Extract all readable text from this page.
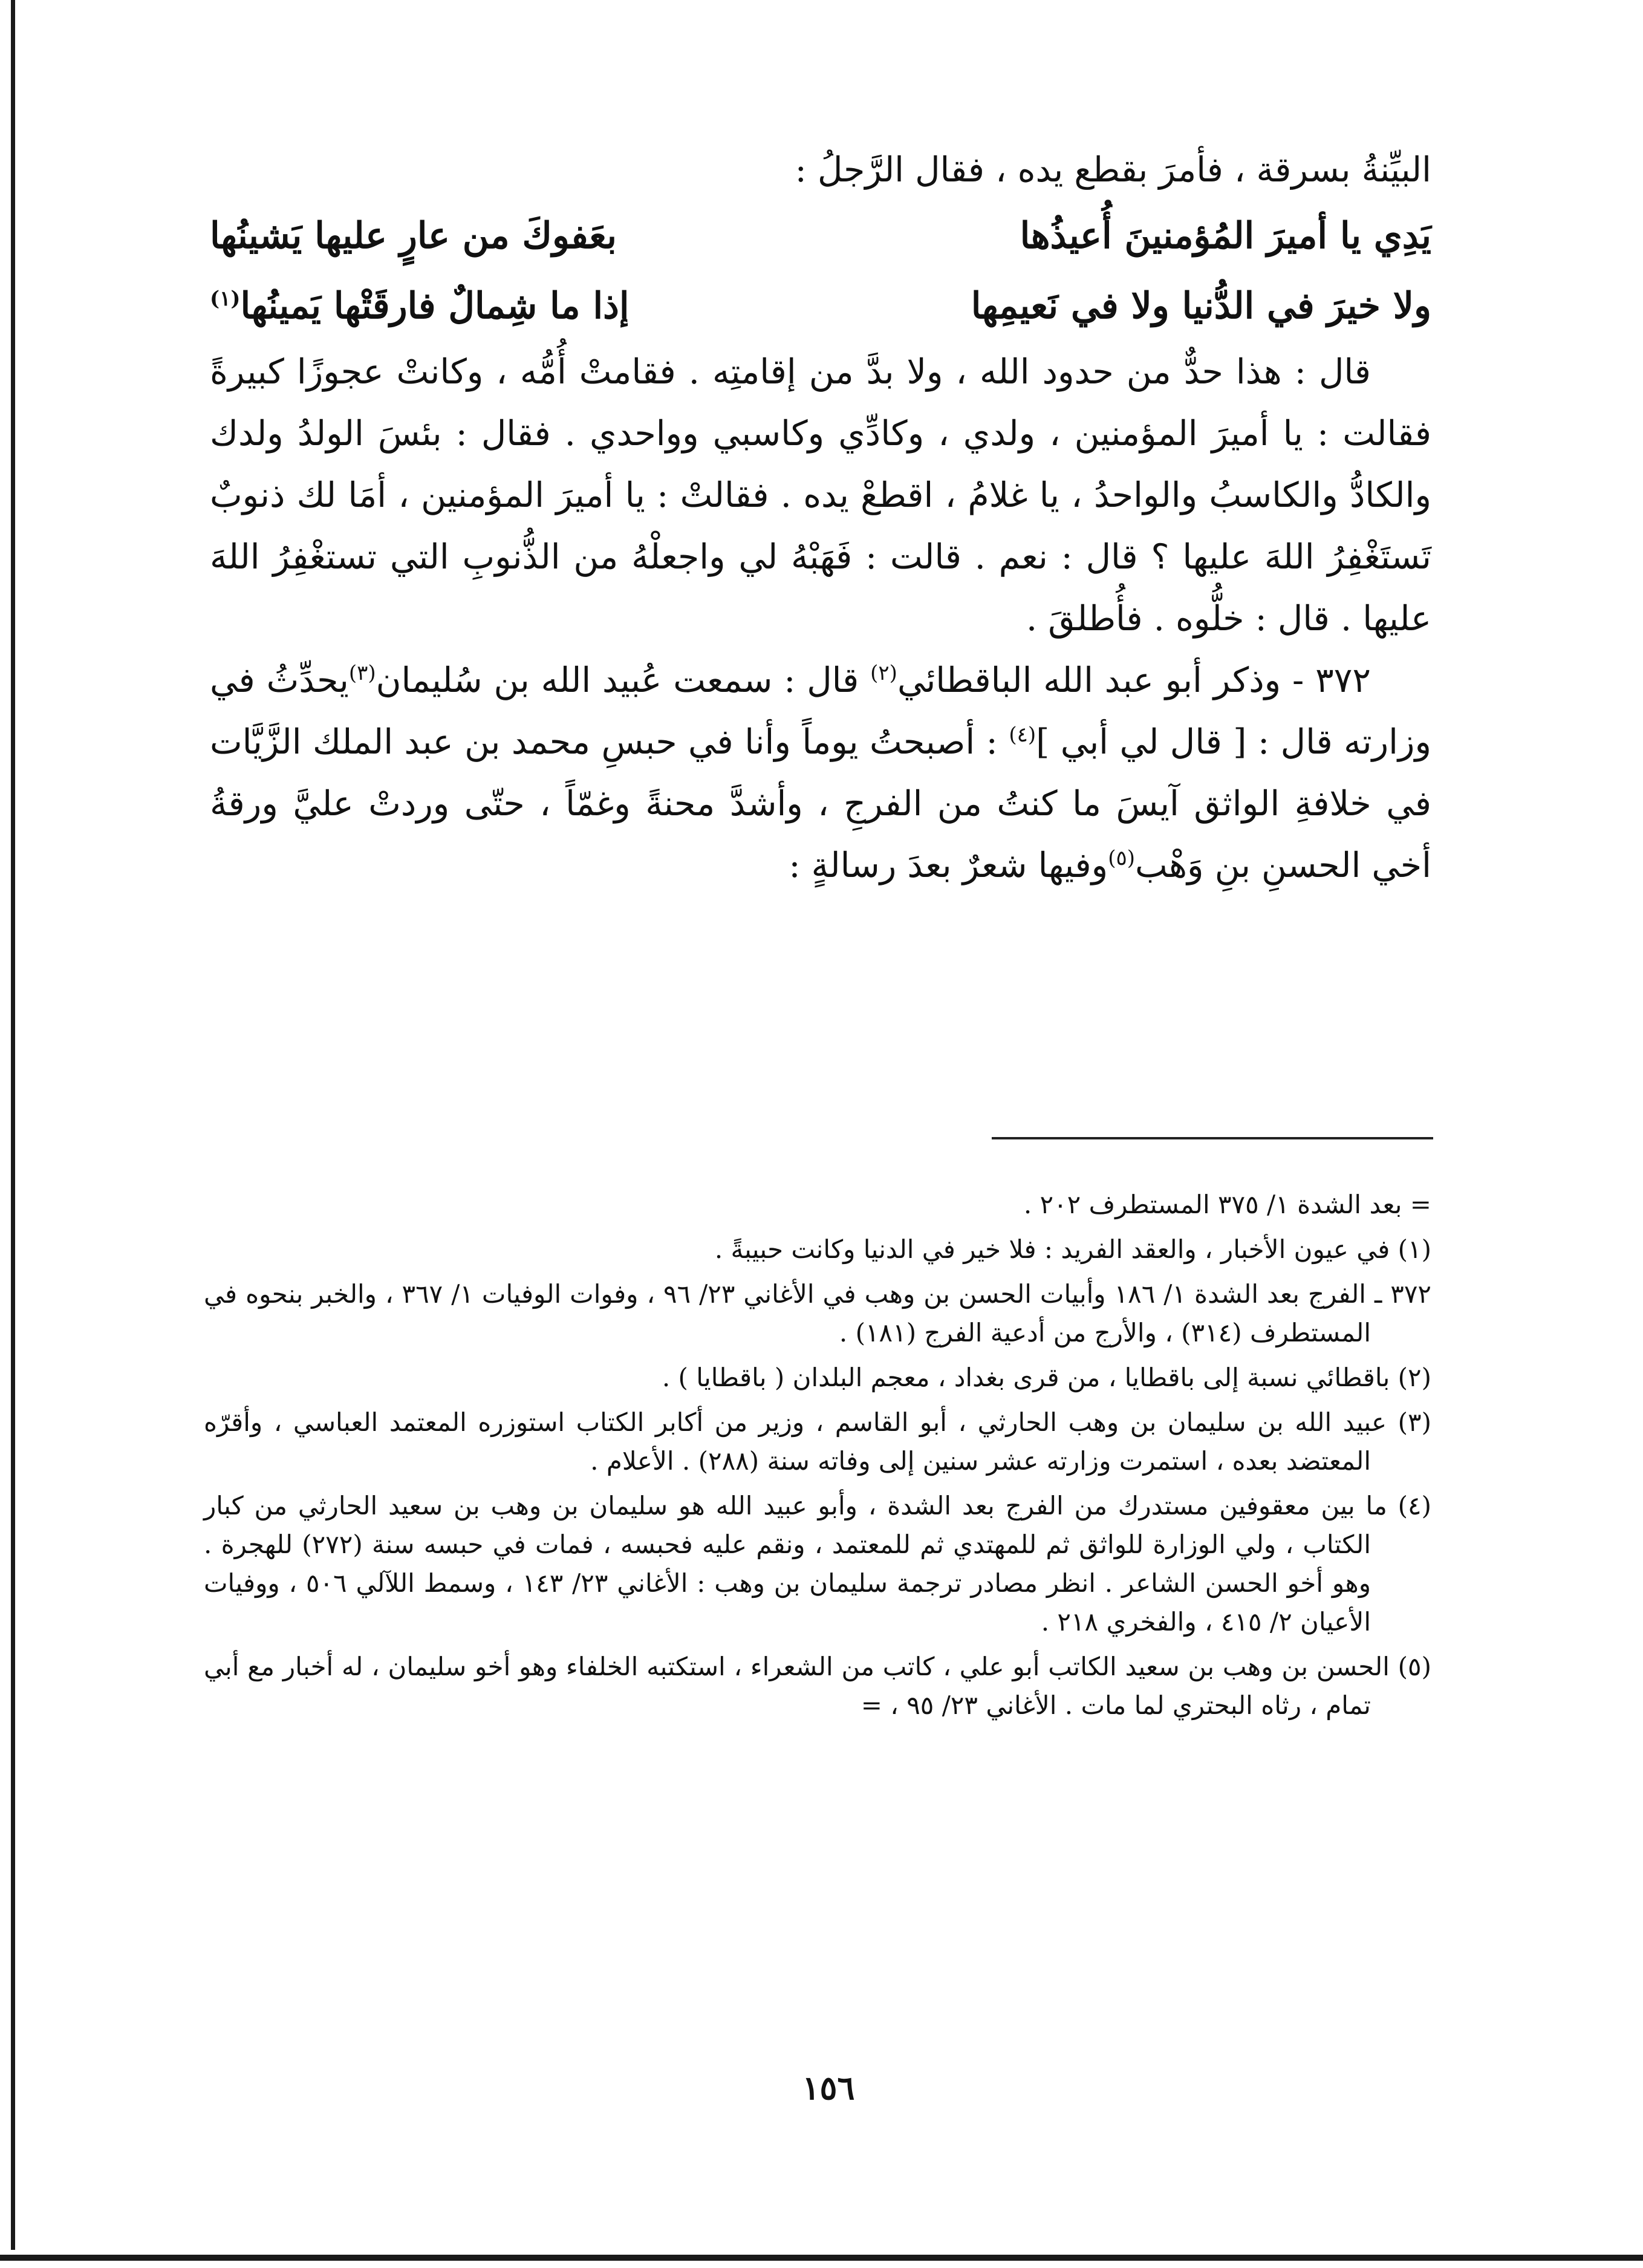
البيِّنةُ بسرقة ، فأمرَ بقطع يده ، فقال الرَّجلُ :

يَدِي يا أميرَ المُؤمنينَ أُعيذُها
بعَفوكَ من عارٍ عليها يَشينُها
ولا خيرَ في الدُّنيا ولا في نَعيمِها
إذا ما شِمالٌ فارقَتْها يَمينُها$^{(١)}$

قال : هذا حدٌّ من حدود الله ، ولا بدَّ من إقامتِه . فقامتْ أُمُّه ، وكانتْ عجوزًا كبيرةً فقالت : يا أميرَ المؤمنين ، ولدي ، وكادِّي وكاسبي وواحدي . فقال : بئسَ الولدُ ولدك والكادُّ والكاسبُ والواحدُ ، يا غلامُ ، اقطعْ يده . فقالتْ : يا أميرَ المؤمنين ، أمَا لك ذنوبٌ تَستَغْفِرُ اللهَ عليها ؟ قال : نعم . قالت : فَهَبْهُ لي واجعلْهُ من الذُّنوبِ التي تستغْفِرُ اللهَ عليها . قال : خلُّوه . فأُطلقَ .

٣٧٢ - وذكر أبو عبد الله الباقطائي$^{(٢)}$ قال : سمعت عُبيد الله بن سُليمان$^{(٣)}$يحدِّثُ في وزارته قال : [ قال لي أبي ]$^{(٤)}$ : أصبحتُ يوماً وأنا في حبسِ محمد بن عبد الملك الزَّيَّات في خلافةِ الواثق آيسَ ما كنتُ من الفرجِ ، وأشدَّ محنةً وغمّاً ، حتّى وردتْ عليَّ ورقةُ أخي الحسنِ بنِ وَهْب$^{(٥)}$وفيها شعرٌ بعدَ رسالةٍ :

= بعد الشدة ١/ ٣٧٥ المستطرف ٢٠٢ .

(١) في عيون الأخبار ، والعقد الفريد : فلا خير في الدنيا وكانت حبيبةً .

٣٧٢ ـ الفرج بعد الشدة ١/ ١٨٦ وأبيات الحسن بن وهب في الأغاني ٢٣/ ٩٦ ، وفوات الوفيات ١/ ٣٦٧ ، والخبر بنحوه في المستطرف (٣١٤) ، والأرج من أدعية الفرج (١٨١) .

(٢) باقطائي نسبة إلى باقطايا ، من قرى بغداد ، معجم البلدان ( باقطايا ) .

(٣) عبيد الله بن سليمان بن وهب الحارثي ، أبو القاسم ، وزير من أكابر الكتاب استوزره المعتمد العباسي ، وأقرّه المعتضد بعده ، استمرت وزارته عشر سنين إلى وفاته سنة (٢٨٨) . الأعلام .

(٤) ما بين معقوفين مستدرك من الفرج بعد الشدة ، وأبو عبيد الله هو سليمان بن وهب بن سعيد الحارثي من كبار الكتاب ، ولي الوزارة للواثق ثم للمهتدي ثم للمعتمد ، ونقم عليه فحبسه ، فمات في حبسه سنة (٢٧٢) للهجرة . وهو أخو الحسن الشاعر . انظر مصادر ترجمة سليمان بن وهب : الأغاني ٢٣/ ١٤٣ ، وسمط اللآلي ٥٠٦ ، ووفيات الأعيان ٢/ ٤١٥ ، والفخري ٢١٨ .

(٥) الحسن بن وهب بن سعيد الكاتب أبو علي ، كاتب من الشعراء ، استكتبه الخلفاء وهو أخو سليمان ، له أخبار مع أبي تمام ، رثاه البحتري لما مات . الأغاني ٢٣/ ٩٥ ، =

١٥٦
